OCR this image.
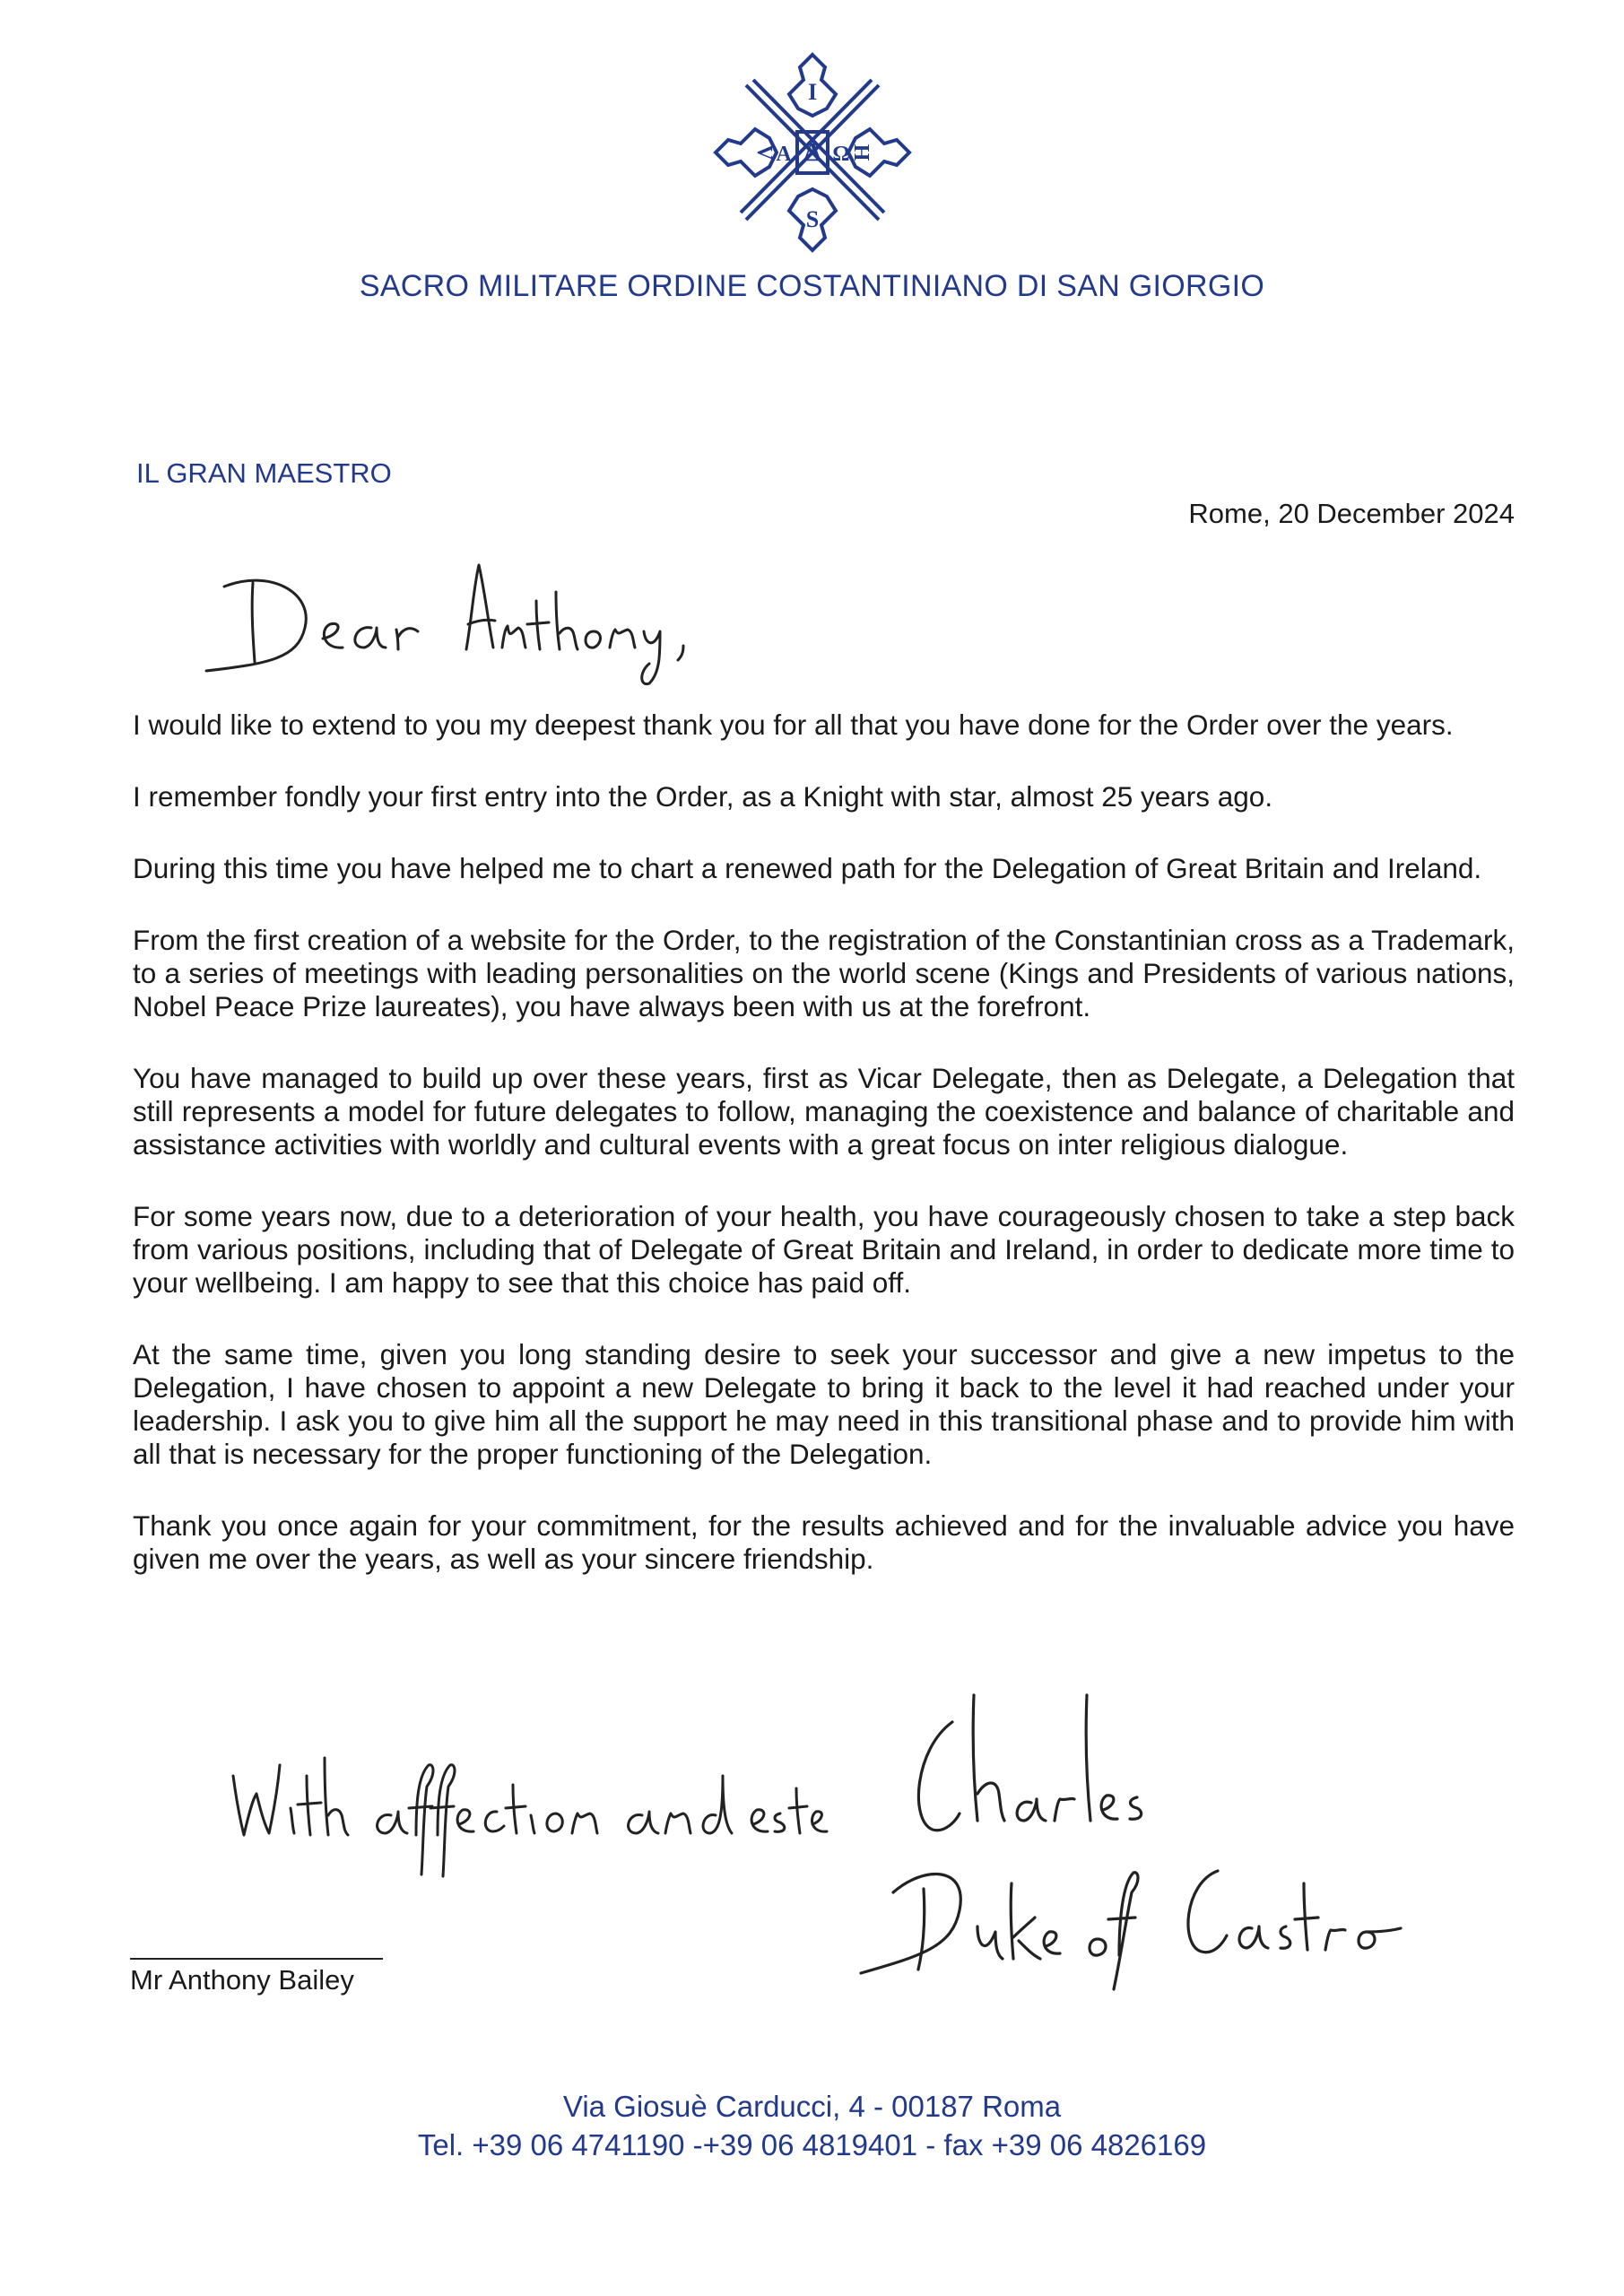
I
Δ
S
V A Ω H
SACRO MILITARE ORDINE COSTANTINIANO DI SAN GIORGIO
IL GRAN MAESTRO
Rome, 20 December 2024

I would like to extend to you my deepest thank you for all that you have done for the Order over the years.

I remember fondly your first entry into the Order, as a Knight with star, almost 25 years ago.

During this time you have helped me to chart a renewed path for the Delegation of Great Britain and Ireland.

From the first creation of a website for the Order, to the registration of the Constantinian cross as a Trademark, to a series of meetings with leading personalities on the world scene (Kings and Presidents of various nations, Nobel Peace Prize laureates), you have always been with us at the forefront.

You have managed to build up over these years, first as Vicar Delegate, then as Delegate, a Delegation that still represents a model for future delegates to follow, managing the coexistence and balance of charitable and assistance activities with worldly and cultural events with a great focus on inter religious dialogue.

For some years now, due to a deterioration of your health, you have courageously chosen to take a step back from various positions, including that of Delegate of Great Britain and Ireland, in order to dedicate more time to your wellbeing. I am happy to see that this choice has paid off.

At the same time, given you long standing desire to seek your successor and give a new impetus to the Delegation, I have chosen to appoint a new Delegate to bring it back to the level it had reached under your leadership. I ask you to give him all the support he may need in this transitional phase and to provide him with all that is necessary for the proper functioning of the Delegation.

Thank you once again for your commitment, for the results achieved and for the invaluable advice you have given me over the years, as well as your sincere friendship.

Mr Anthony Bailey
Via Giosuè Carducci, 4 - 00187 Roma
Tel. +39 06 4741190 -+39 06 4819401 - fax +39 06 4826169
